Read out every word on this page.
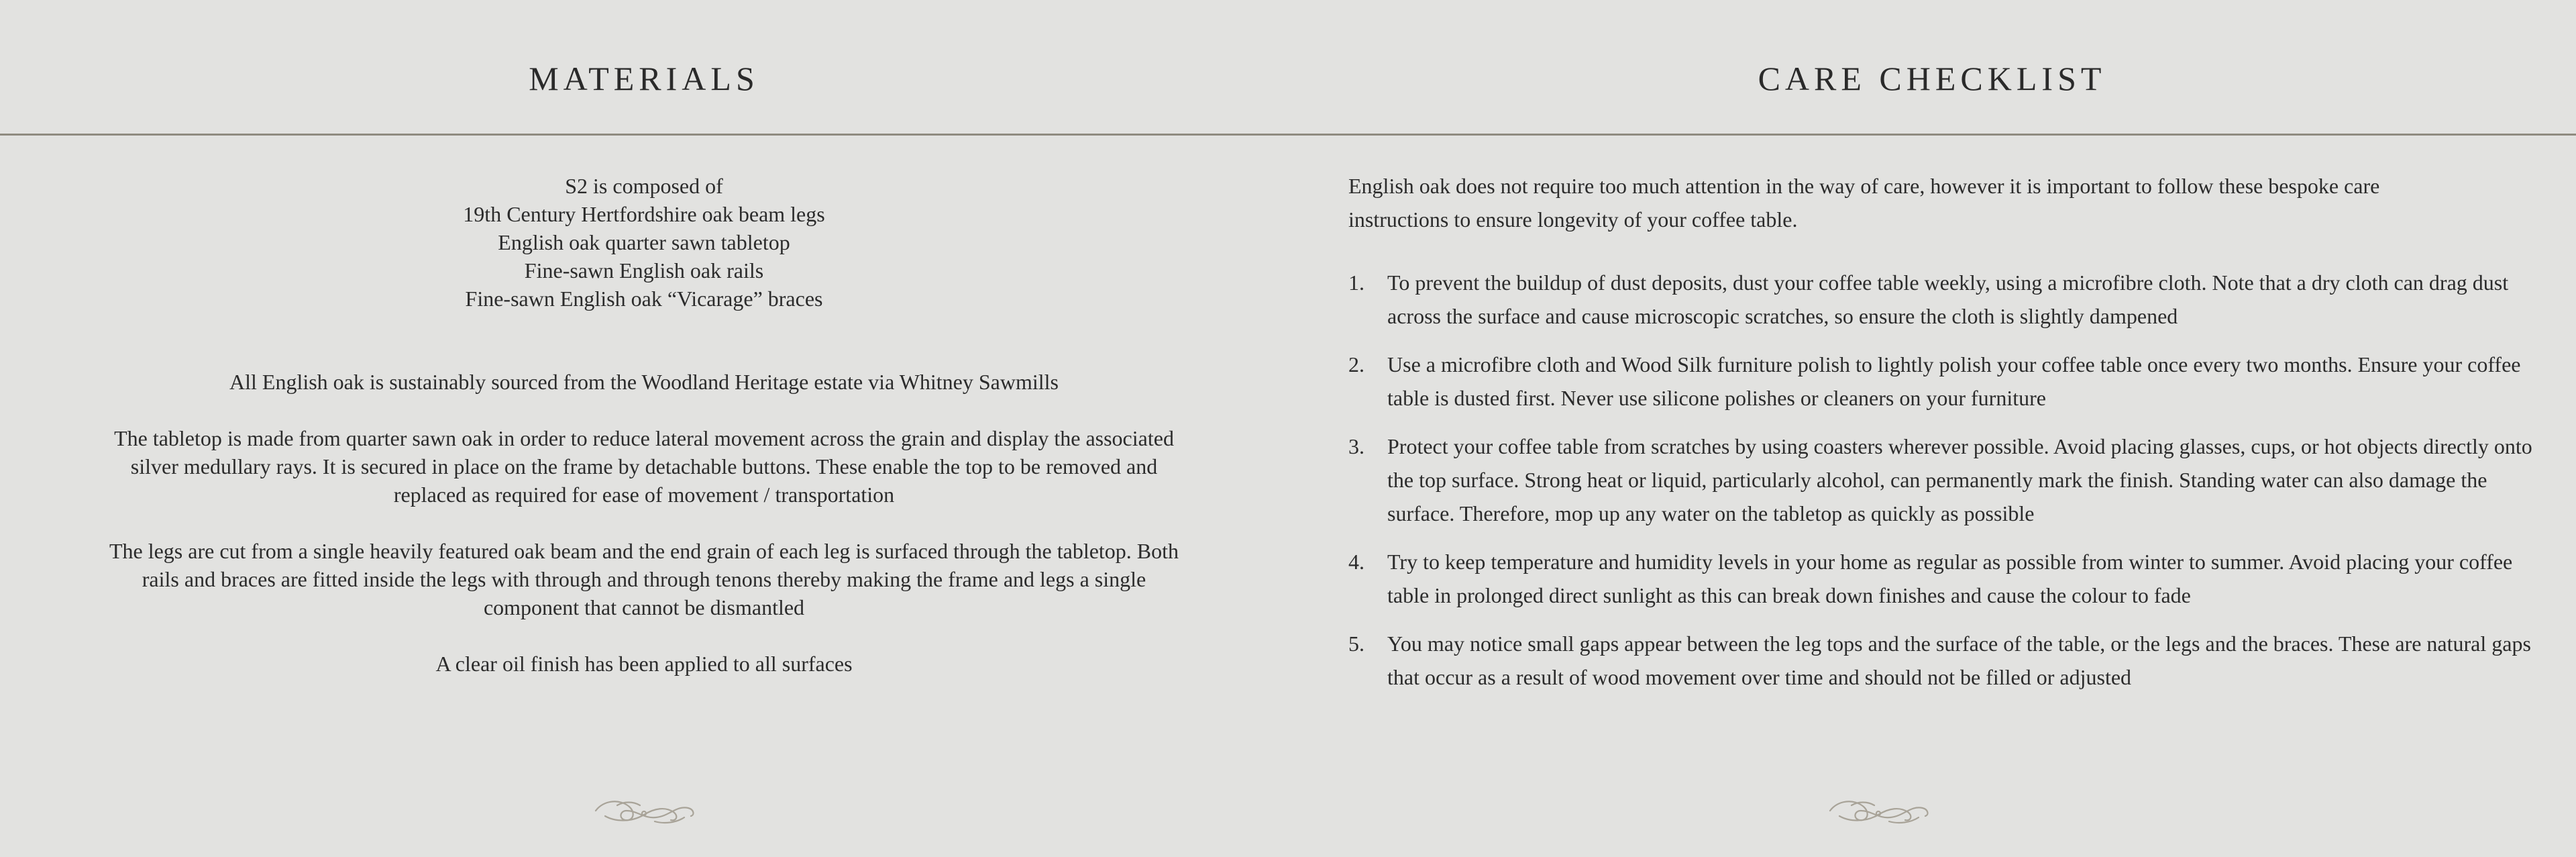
MATERIALS

S2 is composed of

19th Century Hertfordshire oak beam legs

English oak quarter sawn tabletop

Fine-sawn English oak rails

Fine-sawn English oak “Vicarage” braces

All English oak is sustainably sourced from the Woodland Heritage estate via Whitney Sawmills

The tabletop is made from quarter sawn oak in order to reduce lateral movement across the grain and display the associated silver medullary rays. It is secured in place on the frame by detachable buttons. These enable the top to be removed and replaced as required for ease of movement / transportation

The legs are cut from a single heavily featured oak beam and the end grain of each leg is surfaced through the tabletop. Both rails and braces are fitted inside the legs with through and through tenons thereby making the frame and legs a single component that cannot be dismantled

A clear oil finish has been applied to all surfaces

CARE CHECKLIST

English oak does not require too much attention in the way of care, however it is important to follow these bespoke care instructions to ensure longevity of your coffee table.

1. To prevent the buildup of dust deposits, dust your coffee table weekly, using a microfibre cloth. Note that a dry cloth can drag dust across the surface and cause microscopic scratches, so ensure the cloth is slightly dampened
2. Use a microfibre cloth and Wood Silk furniture polish to lightly polish your coffee table once every two months. Ensure your coffee table is dusted first. Never use silicone polishes or cleaners on your furniture
3. Protect your coffee table from scratches by using coasters wherever possible. Avoid placing glasses, cups, or hot objects directly onto the top surface. Strong heat or liquid, particularly alcohol, can permanently mark the finish. Standing water can also damage the surface. Therefore, mop up any water on the tabletop as quickly as possible
4. Try to keep temperature and humidity levels in your home as regular as possible from winter to summer. Avoid placing your coffee table in prolonged direct sunlight as this can break down finishes and cause the colour to fade
5. You may notice small gaps appear between the leg tops and the surface of the table, or the legs and the braces. These are natural gaps that occur as a result of wood movement over time and should not be filled or adjusted
